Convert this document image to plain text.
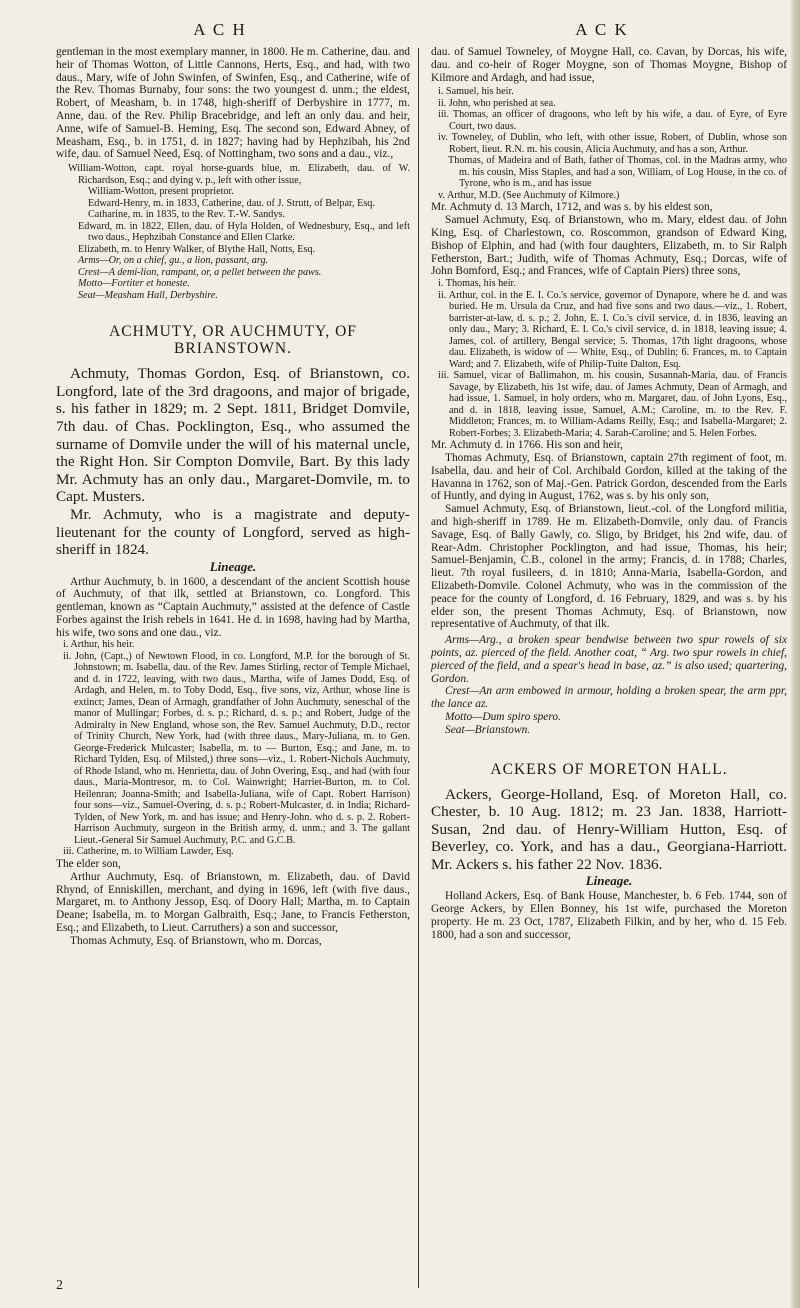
A C H	A C K

gentleman in the most exemplary manner, in 1800. He m. Catherine, dau. and heir of Thomas Wotton, of Little Cannons, Herts, Esq., and had, with two daus., Mary, wife of John Swinfen, of Swinfen, Esq., and Catherine, wife of the Rev. Thomas Burnaby, four sons: the two youngest d. unm.; the eldest, Robert, of Measham, b. in 1748, high-sheriff of Derbyshire in 1777, m. Anne, dau. of the Rev. Philip Bracebridge, and left an only dau. and heir, Anne, wife of Samuel-B. Heming, Esq. The second son, Edward Abney, of Measham, Esq., b. in 1751, d. in 1827; having had by Hephzibah, his 2nd wife, dau. of Samuel Need, Esq. of Nottingham, two sons and a dau., viz.,

William-Wotton, capt. royal horse-guards blue, m. Elizabeth, dau. of W. Richardson, Esq.; and dying v. p., left with other issue,

William-Wotton, present proprietor.

Edward-Henry, m. in 1833, Catherine, dau. of J. Strutt, of Belpar, Esq.

Catharine, m. in 1835, to the Rev. T.-W. Sandys.

Edward, m. in 1822, Ellen, dau. of Hyla Holden, of Wednesbury, Esq., and left two daus., Hephzibah Constance and Ellen Clarke.

Elizabeth, m. to Henry Walker, of Blythe Hall, Notts, Esq.

Arms—Or, on a chief, gu., a lion, passant, arg.

Crest—A demi-lion, rampant, or, a pellet between the paws.

Motto—Fortiter et honeste.

Seat—Measham Hall, Derbyshire.

ACHMUTY, OR AUCHMUTY, OF BRIANSTOWN.

Achmuty, Thomas Gordon, Esq. of Brianstown, co. Longford, late of the 3rd dragoons, and major of brigade, s. his father in 1829; m. 2 Sept. 1811, Bridget Domvile, 7th dau. of Chas. Pocklington, Esq., who assumed the surname of Domvile under the will of his maternal uncle, the Right Hon. Sir Compton Domvile, Bart. By this lady Mr. Achmuty has an only dau., Margaret-Domvile, m. to Capt. Musters.

Mr. Achmuty, who is a magistrate and deputy-lieutenant for the county of Longford, served as high-sheriff in 1824.

Lineage.

Arthur Auchmuty, b. in 1600, a descendant of the ancient Scottish house of Auchmuty, of that ilk, settled at Brianstown, co. Longford. This gentleman, known as “Captain Auchmuty,” assisted at the defence of Castle Forbes against the Irish rebels in 1641. He d. in 1698, having had by Martha, his wife, two sons and one dau., viz.

i. Arthur, his heir.

ii. John, (Capt.,) of Newtown Flood, in co. Longford, M.P. for the borough of St. Johnstown; m. Isabella, dau. of the Rev. James Stirling, rector of Temple Michael, and d. in 1722, leaving, with two daus., Martha, wife of James Dodd, Esq. of Ardagh, and Helen, m. to Toby Dodd, Esq., five sons, viz, Arthur, whose line is extinct; James, Dean of Armagh, grandfather of John Auchmuty, seneschal of the manor of Mullingar; Forbes, d. s. p.; Richard, d. s. p.; and Robert, Judge of the Admiralty in New England, whose son, the Rev. Samuel Auchmuty, D.D., rector of Trinity Church, New York, had (with three daus., Mary-Juliana, m. to Gen. George-Frederick Mulcaster; Isabella, m. to — Burton, Esq.; and Jane, m. to Richard Tylden, Esq. of Milsted,) three sons—viz., 1. Robert-Nichols Auchmuty, of Rhode Island, who m. Henrietta, dau. of John Overing, Esq., and had (with four daus., Maria-Montresor, m. to Col. Wainwright; Harriet-Burton, m. to Col. Heilenran; Joanna-Smith; and Isabella-Juliana, wife of Capt. Robert Harrison) four sons—viz., Samuel-Overing, d. s. p.; Robert-Mulcaster, d. in India; Richard-Tylden, of New York, m. and has issue; and Henry-John. who d. s. p. 2. Robert-Harrison Auchmuty, surgeon in the British army, d. unm.; and 3. The gallant Lieut.-General Sir Samuel Auchmuty, P.C. and G.C.B.

iii. Catherine, m. to William Lawder, Esq.

The elder son,

Arthur Auchmuty, Esq. of Brianstown, m. Elizabeth, dau. of David Rhynd, of Enniskillen, merchant, and dying in 1696, left (with five daus., Margaret, m. to Anthony Jessop, Esq. of Doory Hall; Martha, m. to Captain Deane; Isabella, m. to Morgan Galbraith, Esq.; Jane, to Francis Fetherston, Esq.; and Elizabeth, to Lieut. Carruthers) a son and successor,

Thomas Achmuty, Esq. of Brianstown, who m. Dorcas,

dau. of Samuel Towneley, of Moygne Hall, co. Cavan, by Dorcas, his wife, dau. and co-heir of Roger Moygne, son of Thomas Moygne, Bishop of Kilmore and Ardagh, and had issue,

i. Samuel, his heir.

ii. John, who perished at sea.

iii. Thomas, an officer of dragoons, who left by his wife, a dau. of Eyre, of Eyre Court, two daus.

iv. Towneley, of Dublin, who left, with other issue, Robert, of Dublin, whose son Robert, lieut. R.N. m. his cousin, Alicia Auchmuty, and has a son, Arthur.

Thomas, of Madeira and of Bath, father of Thomas, col. in the Madras army, who m. his cousin, Miss Staples, and had a son, William, of Log House, in the co. of Tyrone, who is m., and has issue

v. Arthur, M.D. (See Auchmuty of Kilmore.)

Mr. Achmuty d. 13 March, 1712, and was s. by his eldest son,

Samuel Achmuty, Esq. of Brianstown, who m. Mary, eldest dau. of John King, Esq. of Charlestown, co. Roscommon, grandson of Edward King, Bishop of Elphin, and had (with four daughters, Elizabeth, m. to Sir Ralph Fetherston, Bart.; Judith, wife of Thomas Achmuty, Esq.; Dorcas, wife of John Bomford, Esq.; and Frances, wife of Captain Piers) three sons,

i. Thomas, his heir.

ii. Arthur, col. in the E. I. Co.'s service, governor of Dynapore, where he d. and was buried. He m. Ursula da Cruz, and had five sons and two daus.—viz., 1. Robert, barrister-at-law, d. s. p.; 2. John, E. I. Co.'s civil service, d. in 1836, leaving an only dau., Mary; 3. Richard, E. I. Co.'s civil service, d. in 1818, leaving issue; 4. James, col. of artillery, Bengal service; 5. Thomas, 17th light dragoons, whose dau. Elizabeth, is widow of — White, Esq., of Dublin; 6. Frances, m. to Captain Ward; and 7. Elizabeth, wife of Philip-Tuite Dalton, Esq.

iii. Samuel, vicar of Ballimahon, m. his cousin, Susannah-Maria, dau. of Francis Savage, by Elizabeth, his 1st wife, dau. of James Achmuty, Dean of Armagh, and had issue, 1. Samuel, in holy orders, who m. Margaret, dau. of John Lyons, Esq., and d. in 1818, leaving issue, Samuel, A.M.; Caroline, m. to the Rev. F. Middleton; Frances, m. to William-Adams Reilly, Esq.; and Isabella-Margaret; 2. Robert-Forbes; 3. Elizabeth-Maria; 4. Sarah-Caroline; and 5. Helen Forbes.

Mr. Achmuty d. in 1766. His son and heir,

Thomas Achmuty, Esq. of Brianstown, captain 27th regiment of foot, m. Isabella, dau. and heir of Col. Archibald Gordon, killed at the taking of the Havanna in 1762, son of Maj.-Gen. Patrick Gordon, descended from the Earls of Huntly, and dying in August, 1762, was s. by his only son,

Samuel Achmuty, Esq. of Brianstown, lieut.-col. of the Longford militia, and high-sheriff in 1789. He m. Elizabeth-Domvile, only dau. of Francis Savage, Esq. of Bally Gawly, co. Sligo, by Bridget, his 2nd wife, dau. of Rear-Adm. Christopher Pocklington, and had issue, Thomas, his heir; Samuel-Benjamin, C.B., colonel in the army; Francis, d. in 1788; Charles, lieut. 7th royal fusileers, d. in 1810; Anna-Maria, Isabella-Gordon, and Elizabeth-Domvile. Colonel Achmuty, who was in the commission of the peace for the county of Longford, d. 16 February, 1829, and was s. by his elder son, the present Thomas Achmuty, Esq. of Brianstown, now representative of Auchmuty, of that ilk.

Arms—Arg., a broken spear bendwise between two spur rowels of six points, az. pierced of the field. Another coat, “ Arg. two spur rowels in chief, pierced of the field, and a spear's head in base, az.” is also used; quartering, Gordon.

Crest—An arm embowed in armour, holding a broken spear, the arm ppr, the lance az.

Motto—Dum spiro spero.

Seat—Brianstown.

ACKERS OF MORETON HALL.

Ackers, George-Holland, Esq. of Moreton Hall, co. Chester, b. 10 Aug. 1812; m. 23 Jan. 1838, Harriott-Susan, 2nd dau. of Henry-William Hutton, Esq. of Beverley, co. York, and has a dau., Georgiana-Harriott. Mr. Ackers s. his father 22 Nov. 1836.

Lineage.

Holland Ackers, Esq. of Bank House, Manchester, b. 6 Feb. 1744, son of George Ackers, by Ellen Bonney, his 1st wife, purchased the Moreton property. He m. 23 Oct, 1787, Elizabeth Filkin, and by her, who d. 15 Feb. 1800, had a son and successor,

2
